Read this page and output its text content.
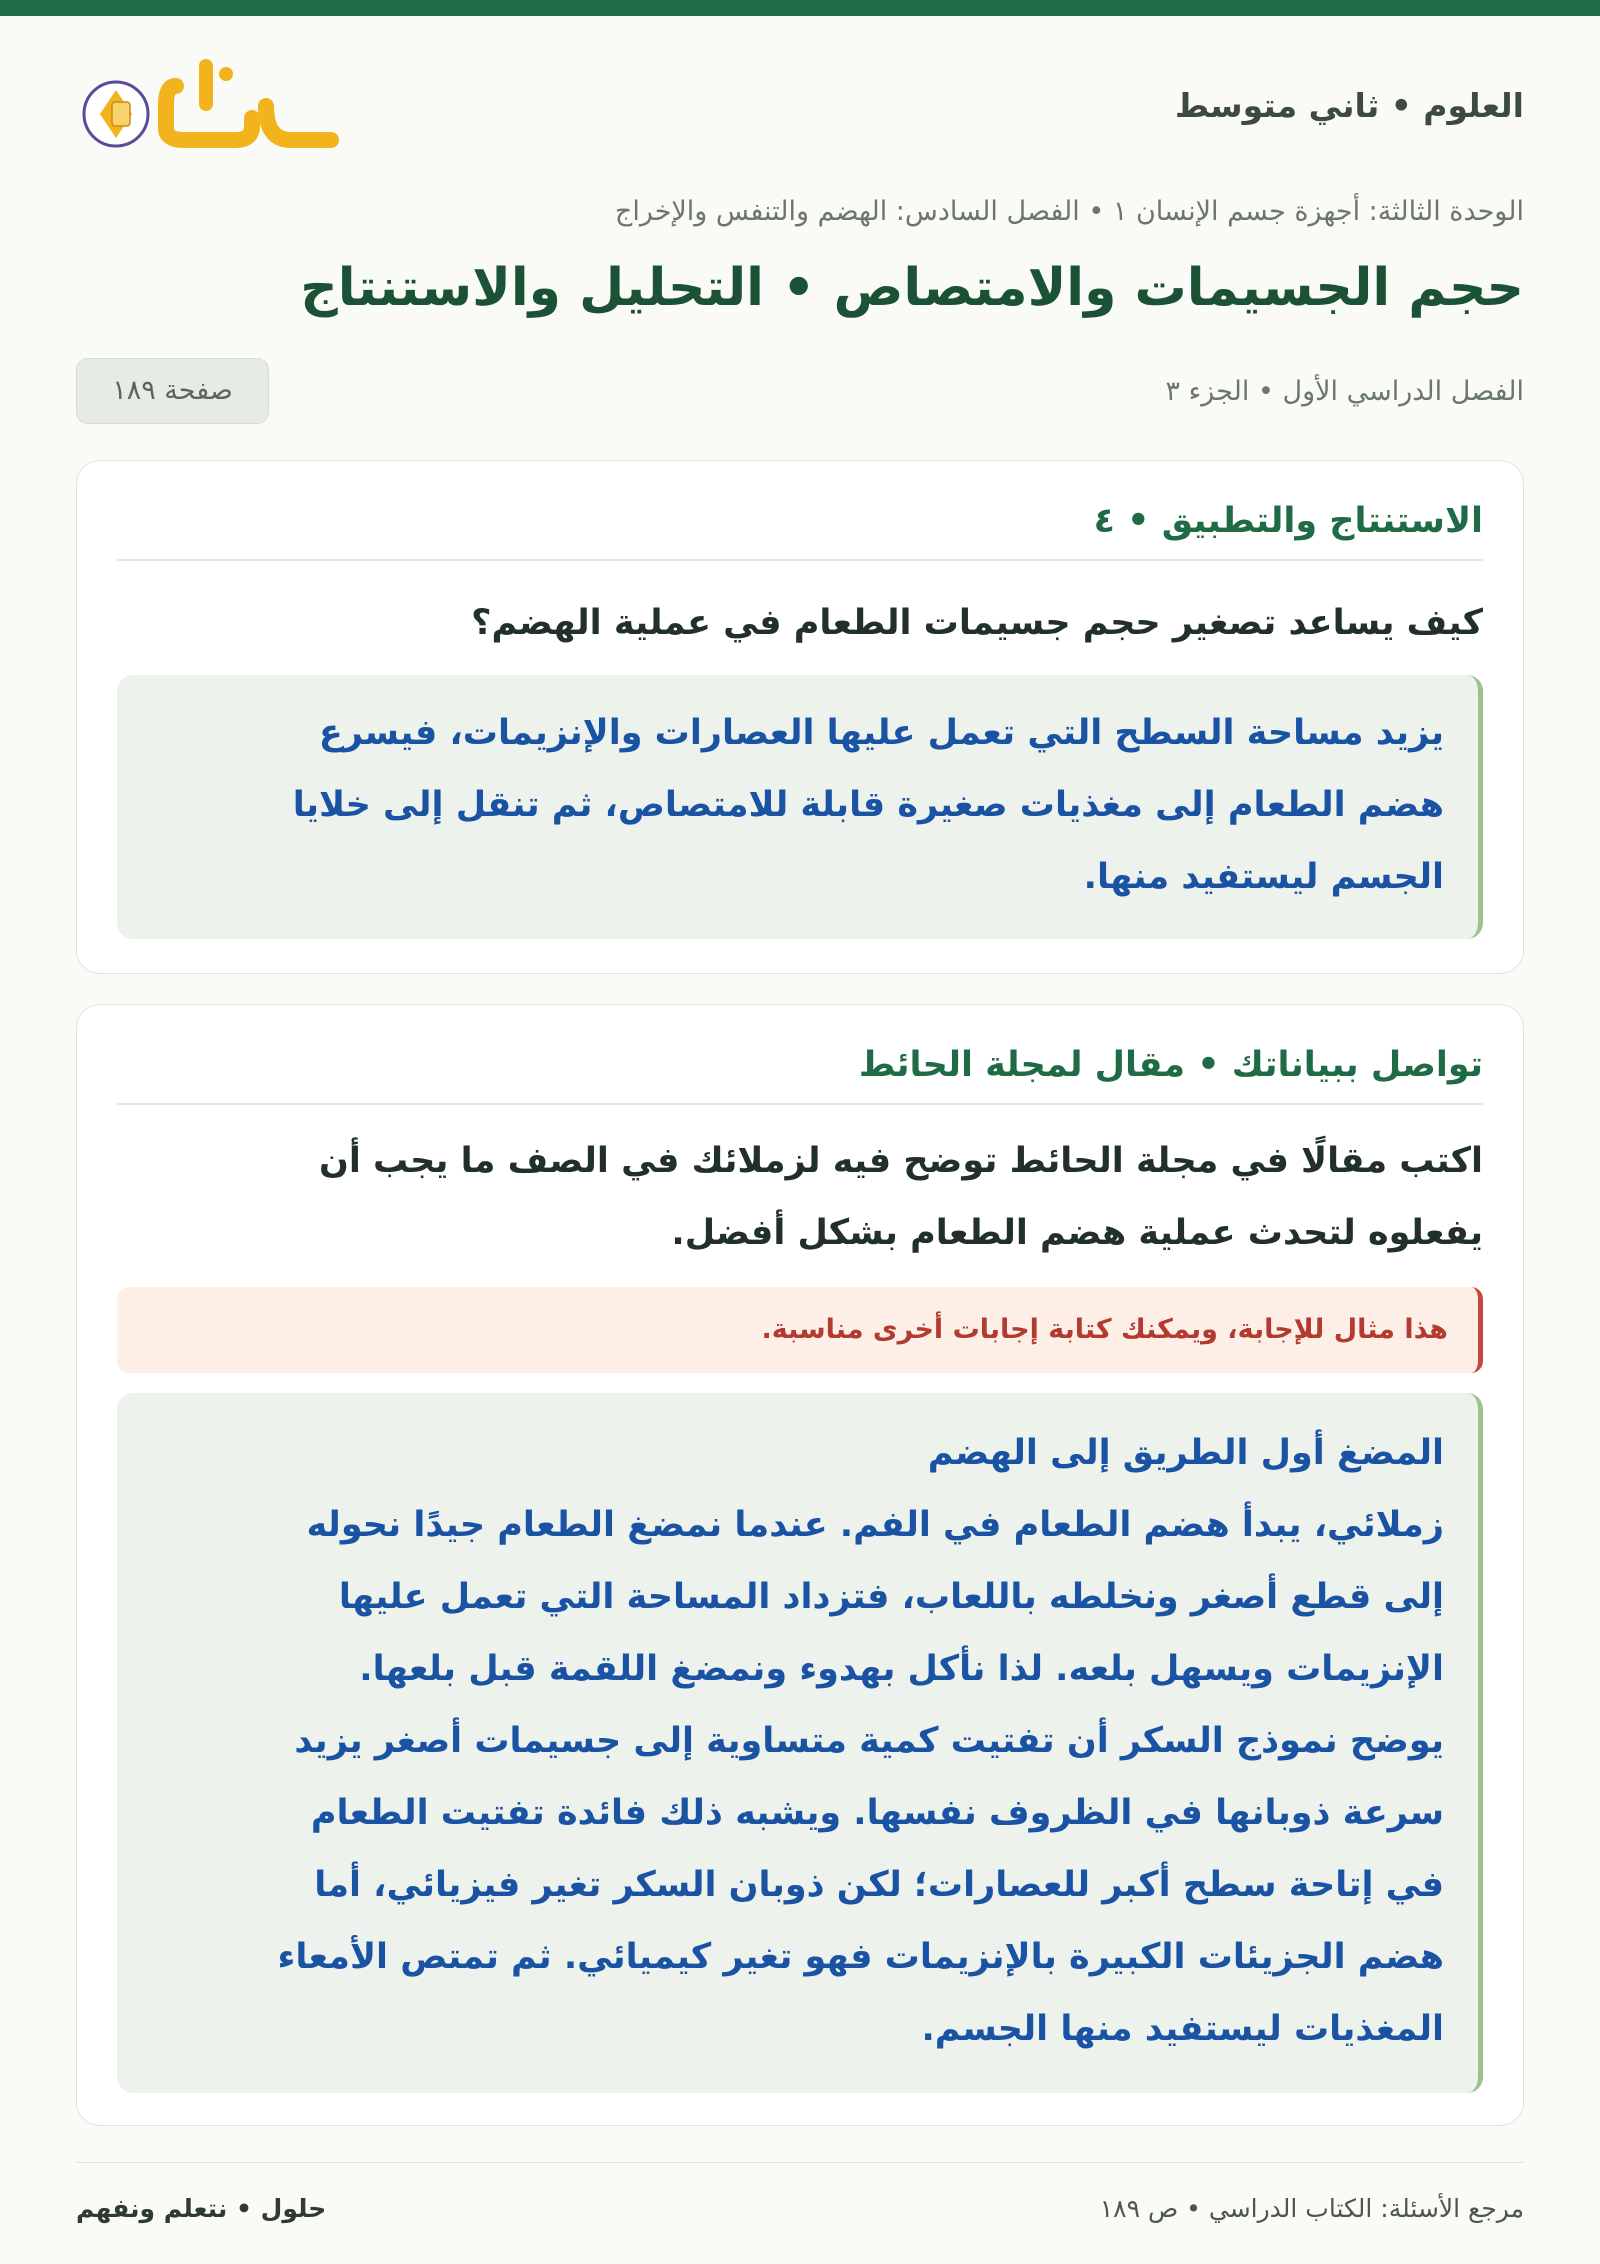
العلوم • ثاني متوسط
الوحدة الثالثة: أجهزة جسم الإنسان ١ • الفصل السادس: الهضم والتنفس والإخراج
حجم الجسيمات والامتصاص • التحليل والاستنتاج
الفصل الدراسي الأول • الجزء ٣
صفحة ١٨٩
الاستنتاج والتطبيق • ٤
كيف يساعد تصغير حجم جسيمات الطعام في عملية الهضم؟
يزيد مساحة السطح التي تعمل عليها العصارات والإنزيمات، فيسرع
هضم الطعام إلى مغذيات صغيرة قابلة للامتصاص، ثم تنقل إلى خلايا
الجسم ليستفيد منها.
تواصل ببياناتك • مقال لمجلة الحائط
اكتب مقالًا في مجلة الحائط توضح فيه لزملائك في الصف ما يجب أن
يفعلوه لتحدث عملية هضم الطعام بشكل أفضل.
هذا مثال للإجابة، ويمكنك كتابة إجابات أخرى مناسبة.
المضغ أول الطريق إلى الهضم
زملائي، يبدأ هضم الطعام في الفم. عندما نمضغ الطعام جيدًا نحوله
إلى قطع أصغر ونخلطه باللعاب، فتزداد المساحة التي تعمل عليها
الإنزيمات ويسهل بلعه. لذا نأكل بهدوء ونمضغ اللقمة قبل بلعها.
يوضح نموذج السكر أن تفتيت كمية متساوية إلى جسيمات أصغر يزيد
سرعة ذوبانها في الظروف نفسها. ويشبه ذلك فائدة تفتيت الطعام
في إتاحة سطح أكبر للعصارات؛ لكن ذوبان السكر تغير فيزيائي، أما
هضم الجزيئات الكبيرة بالإنزيمات فهو تغير كيميائي. ثم تمتص الأمعاء
المغذيات ليستفيد منها الجسم.
مرجع الأسئلة: الكتاب الدراسي • ص ١٨٩
حلول • نتعلم ونفهم
